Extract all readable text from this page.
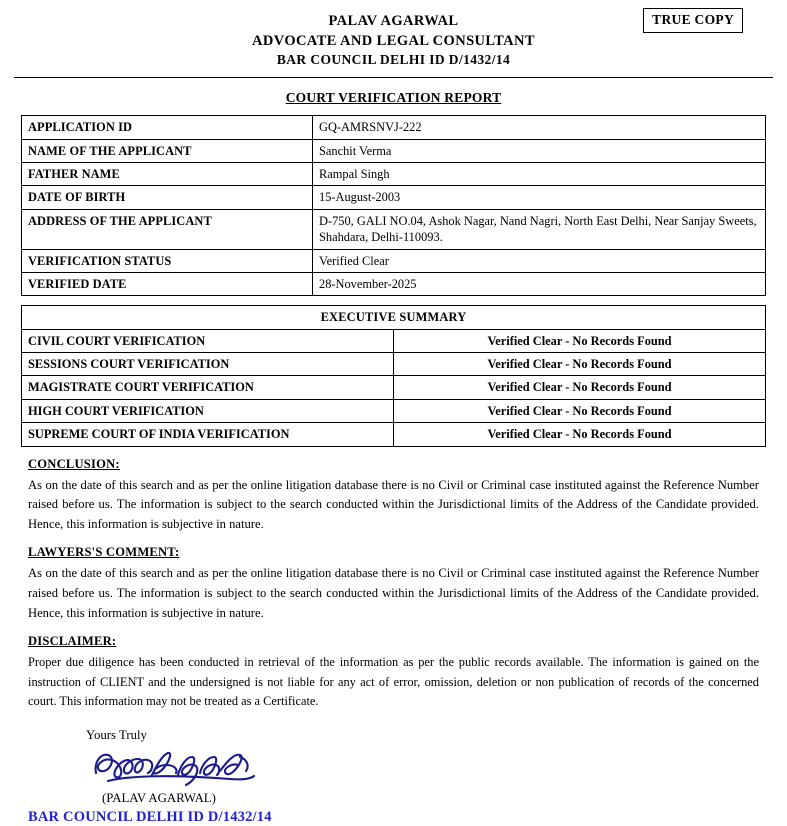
TRUE COPY
PALAV AGARWAL
ADVOCATE AND LEGAL CONSULTANT
BAR COUNCIL DELHI ID D/1432/14
COURT VERIFICATION REPORT
APPLICATION ID	GQ-AMRSNVJ-222
NAME OF THE APPLICANT	Sanchit Verma
FATHER NAME	Rampal Singh
DATE OF BIRTH	15-August-2003
ADDRESS OF THE APPLICANT	D-750, GALI NO.04, Ashok Nagar, Nand Nagri, North East Delhi, Near Sanjay Sweets, Shahdara, Delhi-110093.
VERIFICATION STATUS	Verified Clear
VERIFIED DATE	28-November-2025
EXECUTIVE SUMMARY	
CIVIL COURT VERIFICATION	Verified Clear - No Records Found
SESSIONS COURT VERIFICATION	Verified Clear - No Records Found
MAGISTRATE COURT VERIFICATION	Verified Clear - No Records Found
HIGH COURT VERIFICATION	Verified Clear - No Records Found
SUPREME COURT OF INDIA VERIFICATION	Verified Clear - No Records Found
CONCLUSION:
As on the date of this search and as per the online litigation database there is no Civil or Criminal case instituted against the Reference Number raised before us. The information is subject to the search conducted within the Jurisdictional limits of the Address of the Candidate provided. Hence, this information is subjective in nature.
LAWYERS'S COMMENT:
As on the date of this search and as per the online litigation database there is no Civil or Criminal case instituted against the Reference Number raised before us. The information is subject to the search conducted within the Jurisdictional limits of the Address of the Candidate provided. Hence, this information is subjective in nature.
DISCLAIMER:
Proper due diligence has been conducted in retrieval of the information as per the public records available. The information is gained on the instruction of CLIENT and the undersigned is not liable for any act of error, omission, deletion or non publication of records of the concerned court. This information may not be treated as a Certificate.
Yours Truly
(PALAV AGARWAL)
BAR COUNCIL DELHI ID D/1432/14
